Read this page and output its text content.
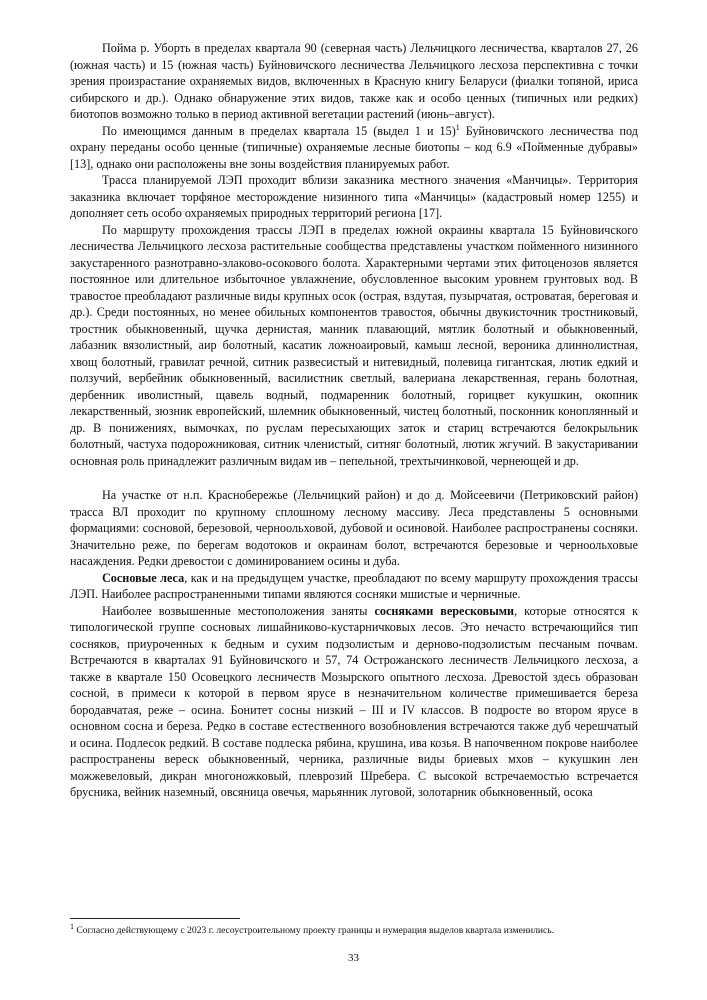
Пойма р. Уборть в пределах квартала 90 (северная часть) Лельчицкого лесничества, кварталов 27, 26 (южная часть) и 15 (южная часть) Буйновичского лесничества Лельчицкого лесхоза перспективна с точки зрения произрастание охраняемых видов, включенных в Красную книгу Беларуси (фиалки топяной, ириса сибирского и др.). Однако обнаружение этих видов, также как и особо ценных (типичных или редких) биотопов возможно только в период активной вегетации растений (июнь–август).

По имеющимся данным в пределах квартала 15 (выдел 1 и 15)$^1$ Буйновичского лесничества под охрану переданы особо ценные (типичные) охраняемые лесные биотопы – код 6.9 «Пойменные дубравы» [13], однако они расположены вне зоны воздействия планируемых работ.

Трасса планируемой ЛЭП проходит вблизи заказника местного значения «Манчицы». Территория заказника включает торфяное месторождение низинного типа «Манчицы» (кадастровый номер 1255) и дополняет сеть особо охраняемых природных территорий региона [17].

По маршруту прохождения трассы ЛЭП в пределах южной окраины квартала 15 Буйновичского лесничества Лельчицкого лесхоза растительные сообщества представлены участком пойменного низинного закустаренного разнотравно-злаково-осокового болота. Характерными чертами этих фитоценозов является постоянное или длительное избыточное увлажнение, обусловленное высоким уровнем грунтовых вод. В травостое преобладают различные виды крупных осок (острая, вздутая, пузырчатая, островатая, береговая и др.). Среди постоянных, но менее обильных компонентов травостоя, обычны двукисточник тростниковый, тростник обыкновенный, щучка дернистая, манник плавающий, мятлик болотный и обыкновенный, лабазник вязолистный, аир болотный, касатик ложноаировый, камыш лесной, вероника длиннолистная, хвощ болотный, гравилат речной, ситник развесистый и нитевидный, полевица гигантская, лютик едкий и ползучий, вербейник обыкновенный, василистник светлый, валериана лекарственная, герань болотная, дербенник иволистный, щавель водный, подмаренник болотный, горицвет кукушкин, окопник лекарственный, зюзник европейский, шлемник обыкновенный, чистец болотный, посконник коноплянный и др. В понижениях, вымочках, по руслам пересыхающих заток и стариц встречаются белокрыльник болотный, частуха подорожниковая, ситник членистый, ситняг болотный, лютик жгучий. В закустаривании основная роль принадлежит различным видам ив – пепельной, трехтычинковой, чернеющей и др.

На участке от н.п. Краснобережье (Лельчицкий район) и до д. Мойсеевичи (Петриковский район) трасса ВЛ проходит по крупному сплошному лесному массиву. Леса представлены 5 основными формациями: сосновой, березовой, черноольховой, дубовой и осиновой. Наиболее распространены сосняки. Значительно реже, по берегам водотоков и окраинам болот, встречаются березовые и черноольховые насаждения. Редки древостои с доминированием осины и дуба.

Сосновые леса, как и на предыдущем участке, преобладают по всему маршруту прохождения трассы ЛЭП. Наиболее распространенными типами являются сосняки мшистые и черничные.

Наиболее возвышенные местоположения заняты сосняками вересковыми, которые относятся к типологической группе сосновых лишайниково-кустарничковых лесов. Это нечасто встречающийся тип сосняков, приуроченных к бедным и сухим подзолистым и дерново-подзолистым песчаным почвам. Встречаются в кварталах 91 Буйновичского и 57, 74 Острожанского лесничеств Лельчицкого лесхоза, а также в квартале 150 Осовецкого лесничеств Мозырского опытного лесхоза. Древостой здесь образован сосной, в примеси к которой в первом ярусе в незначительном количестве примешивается береза бородавчатая, реже – осина. Бонитет сосны низкий – III и IV классов. В подросте во втором ярусе в основном сосна и береза. Редко в составе естественного возобновления встречаются также дуб черешчатый и осина. Подлесок редкий. В составе подлеска рябина, крушина, ива козья. В напочвенном покрове наиболее распространены вереск обыкновенный, черника, различные виды бриевых мхов – кукушкин лен можжевеловый, дикран многоножковый, плеврозий Шребера. С высокой встречаемостью встречается брусника, вейник наземный, овсяница овечья, марьянник луговой, золотарник обыкновенный, осока

$^1$ Согласно действующему с 2023 г. лесоустроительному проекту границы и нумерация выделов квартала изменились.
33
